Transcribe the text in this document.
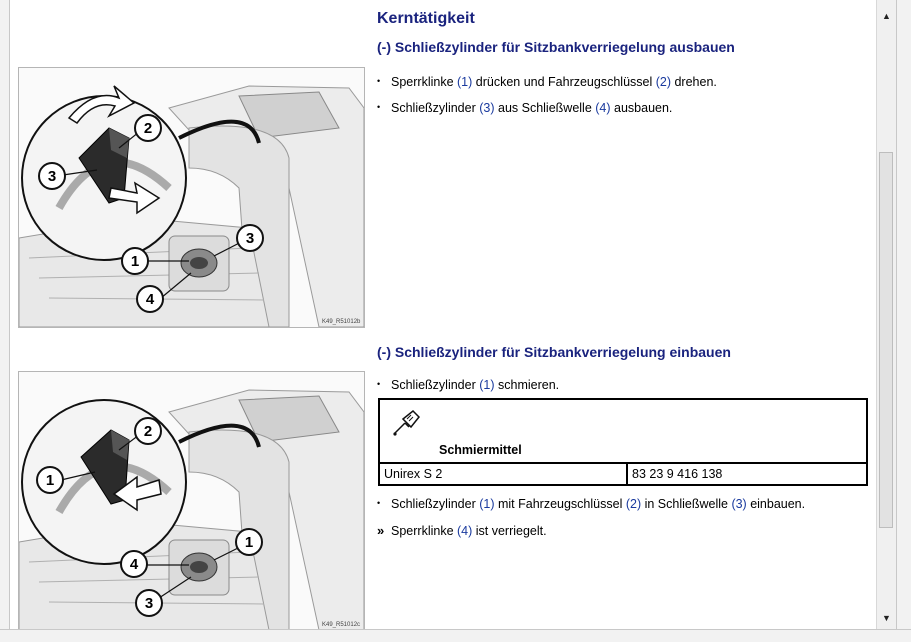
Kerntätigkeit
(-) Schließzylinder für Sitzbankverriegelung ausbauen
2
3
3
1
4
K49_R51012b
• Sperrklinke (1) drücken und Fahrzeugschlüssel (2) drehen.
• Schließzylinder (3) aus Schließwelle (4) ausbauen.
(-) Schließzylinder für Sitzbankverriegelung einbauen
2
1
1
4
3
K49_R51012c
• Schließzylinder (1) schmieren.
Schmiermittel
Unirex S 2	83 23 9 416 138
• Schließzylinder (1) mit Fahrzeugschlüssel (2) in Schließwelle (3) einbauen.
» Sperrklinke (4) ist verriegelt.
▲
▼
